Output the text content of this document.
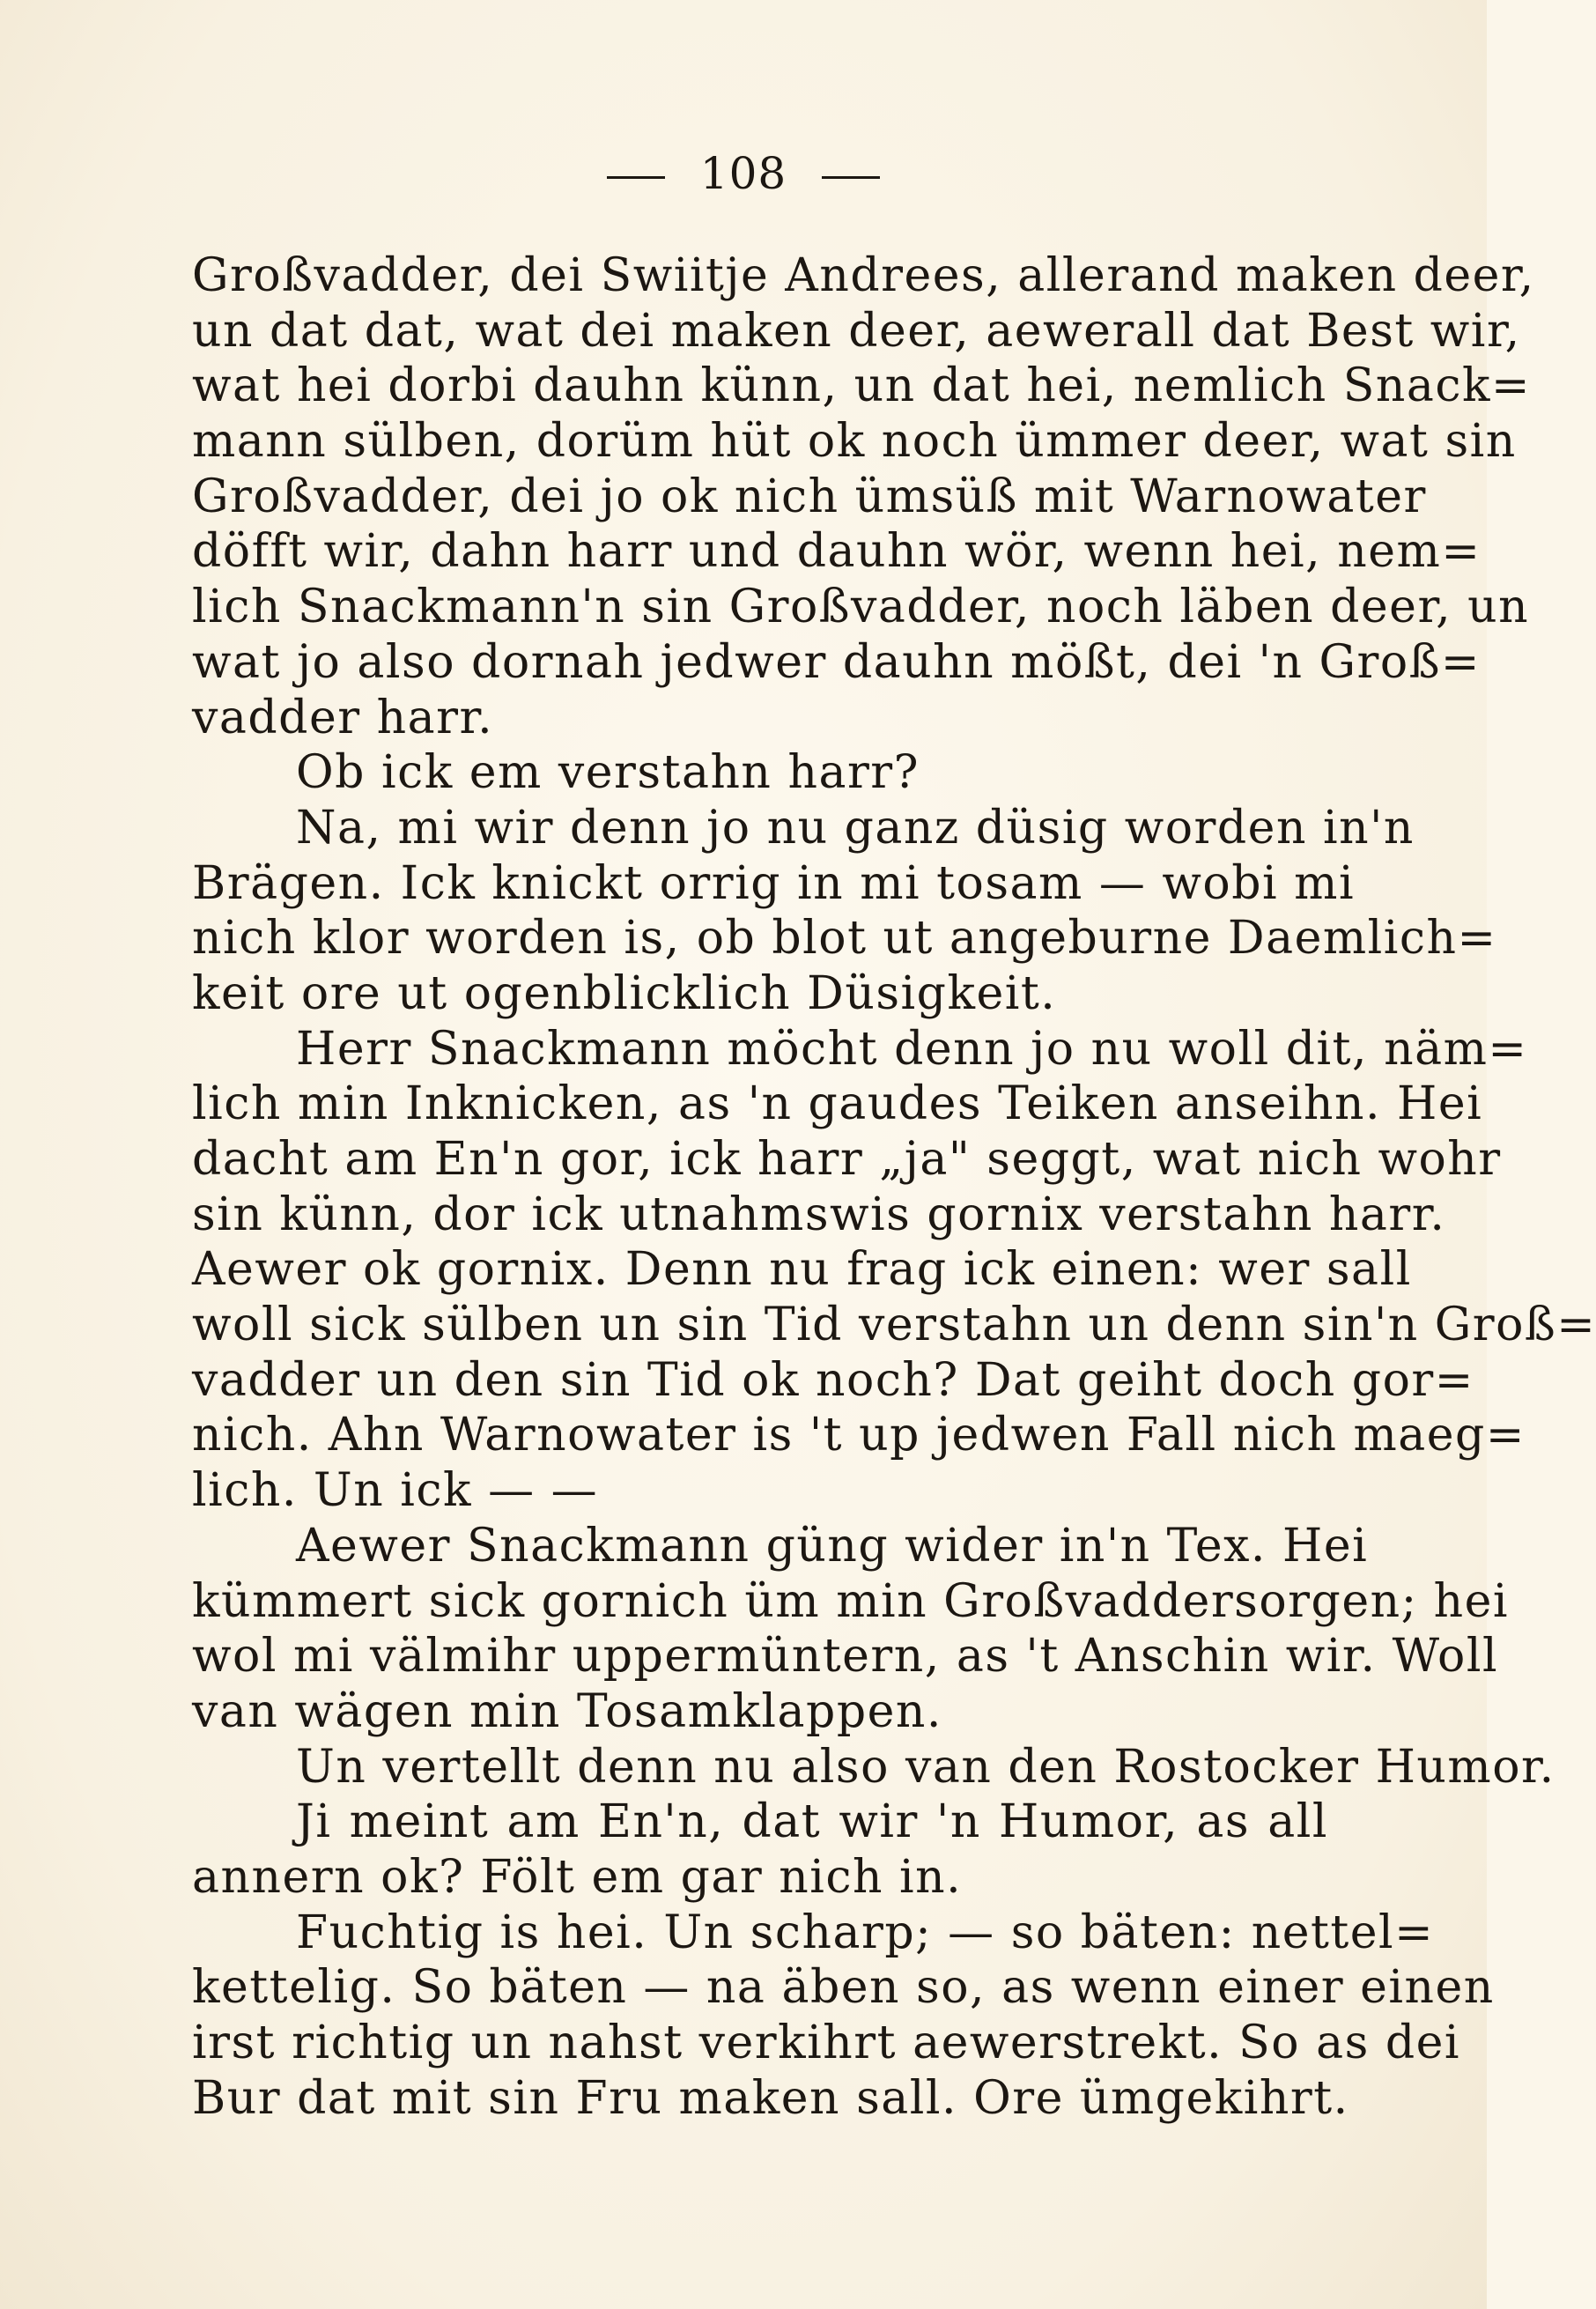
108
Großvadder, dei Swiitje Andrees, allerand maken deer,
un dat dat, wat dei maken deer, aewerall dat Best wir,
wat hei dorbi dauhn künn, un dat hei, nemlich Snack=
mann sülben, dorüm hüt ok noch ümmer deer, wat sin
Großvadder, dei jo ok nich ümsüß mit Warnowater
döfft wir, dahn harr und dauhn wör, wenn hei, nem=
lich Snackmann'n sin Großvadder, noch läben deer, un
wat jo also dornah jedwer dauhn mößt, dei 'n Groß=
vadder harr.
Ob ick em verstahn harr?
Na, mi wir denn jo nu ganz düsig worden in'n
Brägen. Ick knickt orrig in mi tosam — wobi mi
nich klor worden is, ob blot ut angeburne Daemlich=
keit ore ut ogenblicklich Düsigkeit.
Herr Snackmann möcht denn jo nu woll dit, näm=
lich min Inknicken, as 'n gaudes Teiken anseihn. Hei
dacht am En'n gor, ick harr „ja" seggt, wat nich wohr
sin künn, dor ick utnahmswis gornix verstahn harr.
Aewer ok gornix. Denn nu frag ick einen: wer sall
woll sick sülben un sin Tid verstahn un denn sin'n Groß=
vadder un den sin Tid ok noch? Dat geiht doch gor=
nich. Ahn Warnowater is 't up jedwen Fall nich maeg=
lich. Un ick — —
Aewer Snackmann güng wider in'n Tex. Hei
kümmert sick gornich üm min Großvaddersorgen; hei
wol mi välmihr uppermüntern, as 't Anschin wir. Woll
van wägen min Tosamklappen.
Un vertellt denn nu also van den Rostocker Humor.
Ji meint am En'n, dat wir 'n Humor, as all
annern ok? Fölt em gar nich in.
Fuchtig is hei. Un scharp; — so bäten: nettel=
kettelig. So bäten — na äben so, as wenn einer einen
irst richtig un nahst verkihrt aewerstrekt. So as dei
Bur dat mit sin Fru maken sall. Ore ümgekihrt.
